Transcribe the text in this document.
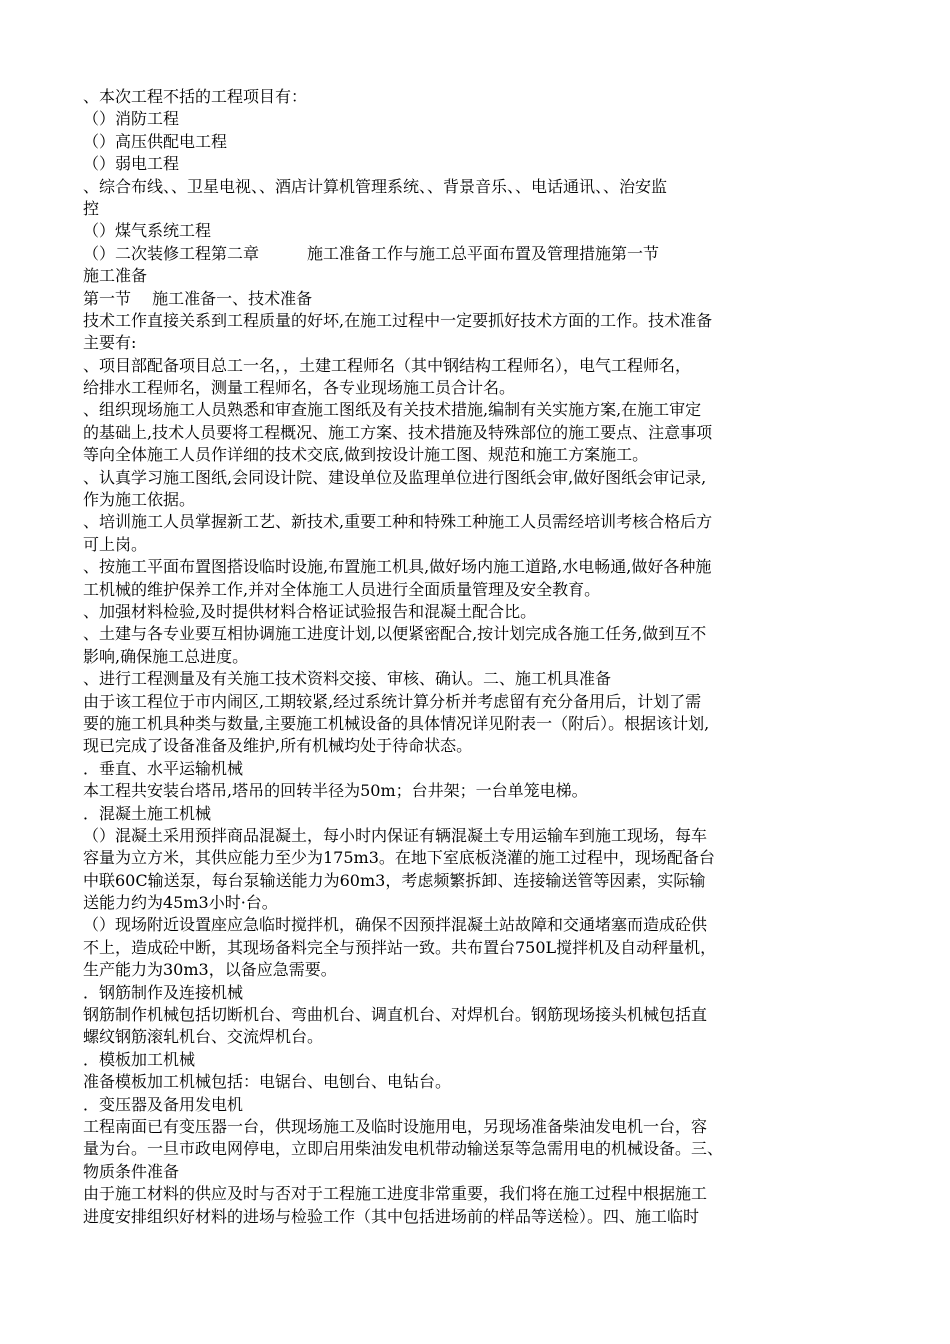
、本次工程不括的工程项目有：
（）消防工程
（）高压供配电工程
（）弱电工程
、综合布线、、卫星电视、、酒店计算机管理系统、、背景音乐、、电话通讯、、治安监
控
（）煤气系统工程
（）二次装修工程第二章　　　施工准备工作与施工总平面布置及管理措施第一节
施工准备
第一节　 施工准备一、技术准备
技术工作直接关系到工程质量的好坏,在施工过程中一定要抓好技术方面的工作。技术准备
主要有:
、项目部配备项目总工一名，，土建工程师名（其中钢结构工程师名），电气工程师名，
给排水工程师名，测量工程师名，各专业现场施工员合计名。
、组织现场施工人员熟悉和审查施工图纸及有关技术措施,编制有关实施方案,在施工审定
的基础上,技术人员要将工程概况、施工方案、技术措施及特殊部位的施工要点、注意事项
等向全体施工人员作详细的技术交底,做到按设计施工图、规范和施工方案施工。
、认真学习施工图纸,会同设计院、建设单位及监理单位进行图纸会审,做好图纸会审记录,
作为施工依据。
、培训施工人员掌握新工艺、新技术,重要工种和特殊工种施工人员需经培训考核合格后方
可上岗。
、按施工平面布置图搭设临时设施,布置施工机具,做好场内施工道路,水电畅通,做好各种施
工机械的维护保养工作,并对全体施工人员进行全面质量管理及安全教育。
、加强材料检验,及时提供材料合格证试验报告和混凝土配合比。
、土建与各专业要互相协调施工进度计划,以便紧密配合,按计划完成各施工任务,做到互不
影响,确保施工总进度。
、进行工程测量及有关施工技术资料交接、审核、确认。二、施工机具准备
由于该工程位于市内闹区,工期较紧,经过系统计算分析并考虑留有充分备用后，计划了需
要的施工机具种类与数量,主要施工机械设备的具体情况详见附表一（附后）。根据该计划,
现已完成了设备准备及维护,所有机械均处于待命状态。
．垂直、水平运输机械
本工程共安装台塔吊,塔吊的回转半径为50m；台井架；一台单笼电梯。
．混凝土施工机械
（）混凝土采用预拌商品混凝土，每小时内保证有辆混凝土专用运输车到施工现场，每车
容量为立方米，其供应能力至少为175m3。在地下室底板浇灌的施工过程中，现场配备台
中联60C输送泵，每台泵输送能力为60m3，考虑频繁拆卸、连接输送管等因素，实际输
送能力约为45m3小时·台。
（）现场附近设置座应急临时搅拌机，确保不因预拌混凝土站故障和交通堵塞而造成砼供
不上，造成砼中断，其现场备料完全与预拌站一致。共布置台750L搅拌机及自动秤量机，
生产能力为30m3，以备应急需要。
．钢筋制作及连接机械
钢筋制作机械包括切断机台、弯曲机台、调直机台、对焊机台。钢筋现场接头机械包括直
螺纹钢筋滚轧机台、交流焊机台。
．模板加工机械
准备模板加工机械包括：电锯台、电刨台、电钻台。
．变压器及备用发电机
工程南面已有变压器一台，供现场施工及临时设施用电，另现场准备柴油发电机一台，容
量为台。一旦市政电网停电，立即启用柴油发电机带动输送泵等急需用电的机械设备。三、
物质条件准备
由于施工材料的供应及时与否对于工程施工进度非常重要，我们将在施工过程中根据施工
进度安排组织好材料的进场与检验工作（其中包括进场前的样品等送检）。四、施工临时
